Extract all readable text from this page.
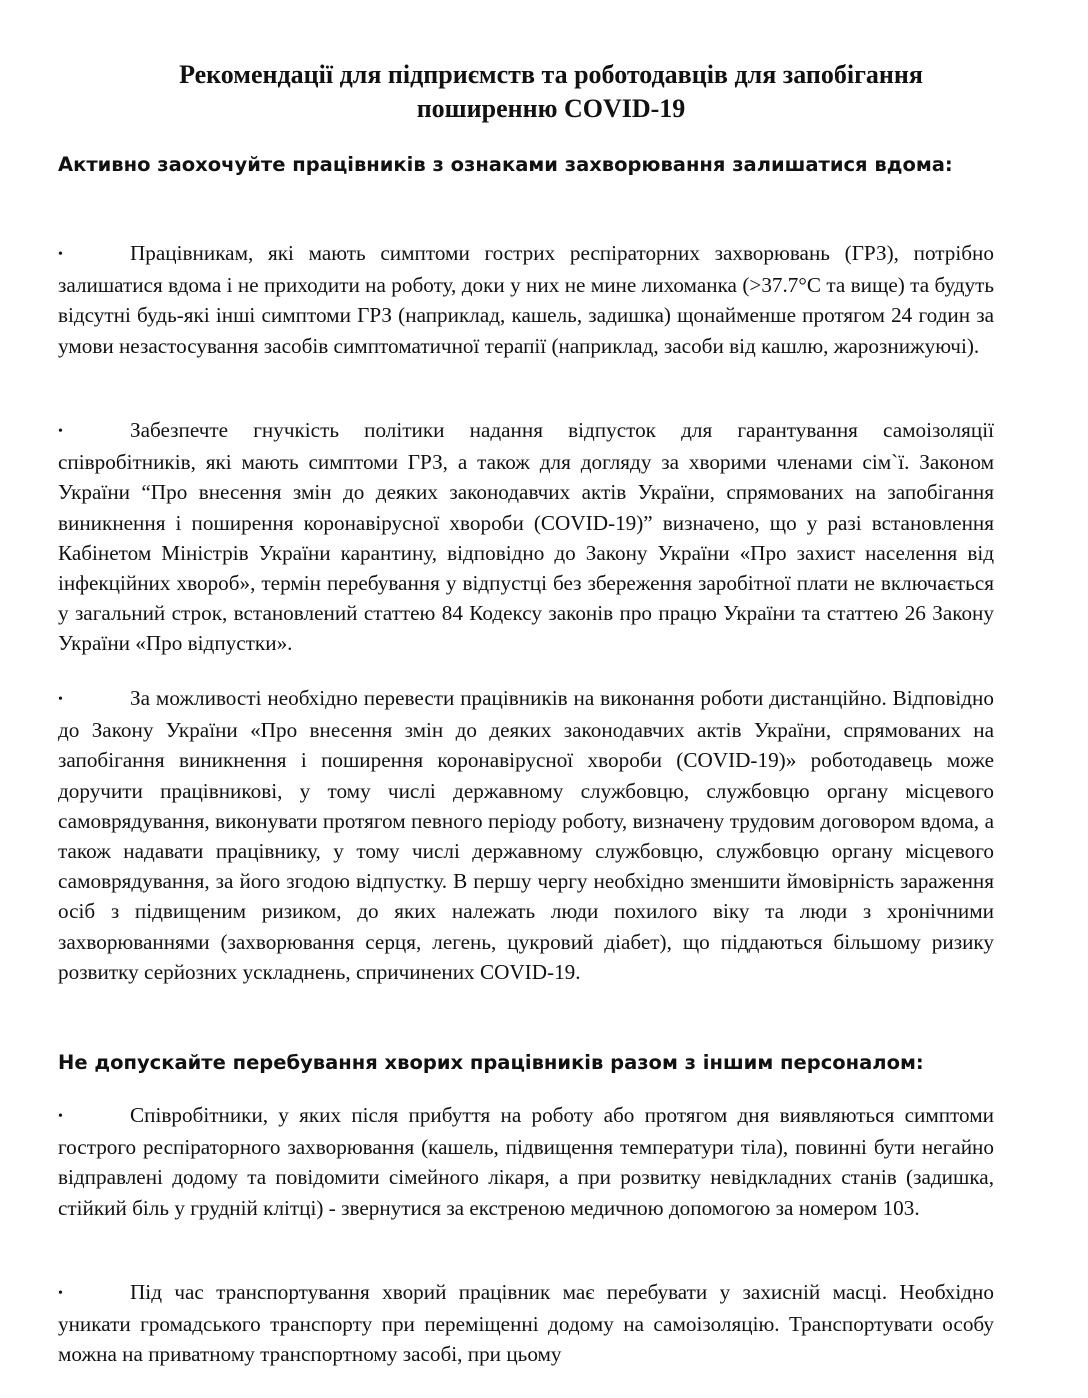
Рекомендації для підприємств та роботодавців для запобігання
поширенню COVID-19
Активно заохочуйте працівників з ознаками захворювання залишатися вдома:

•	Працівникам, які мають симптоми гострих респіраторних захворювань (ГРЗ), потрібно залишатися вдома і не приходити на роботу, доки у них не мине лихоманка (>37.7°C та вище) та будуть відсутні будь-які інші симптоми ГРЗ (наприклад, кашель, задишка) щонайменше протягом 24 годин за умови незастосування засобів симптоматичної терапії (наприклад, засоби від кашлю, жарознижуючі).

•	Забезпечте гнучкість політики надання відпусток для гарантування самоізоляції співробітників, які мають симптоми ГРЗ, а також для догляду за хворими членами сім`ї. Законом України “Про внесення змін до деяких законодавчих актів України, спрямованих на запобігання виникнення і поширення коронавірусної хвороби (COVID-19)” визначено, що у разі встановлення Кабінетом Міністрів України карантину, відповідно до Закону України «Про захист населення від інфекційних хвороб», термін перебування у відпустці без збереження заробітної плати не включається у загальний строк, встановлений статтею 84 Кодексу законів про працю України та статтею 26 Закону України «Про відпустки».

•	За можливості необхідно перевести працівників на виконання роботи дистанційно. Відповідно до Закону України «Про внесення змін до деяких законодавчих актів України, спрямованих на запобігання виникнення і поширення коронавірусної хвороби (COVID-19)» роботодавець може доручити працівникові, у тому числі державному службовцю, службовцю органу місцевого самоврядування, виконувати протягом певного періоду роботу, визначену трудовим договором вдома, а також надавати працівнику, у тому числі державному службовцю, службовцю органу місцевого самоврядування, за його згодою відпустку. В першу чергу необхідно зменшити ймовірність зараження осіб з підвищеним ризиком, до яких належать люди похилого віку та люди з хронічними захворюваннями (захворювання серця, легень, цукровий діабет), що піддаються більшому ризику розвитку серйозних ускладнень, спричинених COVID-19.

Не допускайте перебування хворих працівників разом з іншим персоналом:

•	Співробітники, у яких після прибуття на роботу або протягом дня виявляються симптоми гострого респіраторного захворювання (кашель, підвищення температури тіла), повинні бути негайно відправлені додому та повідомити сімейного лікаря, а при розвитку невідкладних станів (задишка, стійкий біль у грудній клітці) - звернутися за екстреною медичною допомогою за номером 103.

•	Під час транспортування хворий працівник має перебувати у захисній масці. Необхідно уникати громадського транспорту при переміщенні додому на самоізоляцію. Транспортувати особу можна на приватному транспортному засобі, при цьому
